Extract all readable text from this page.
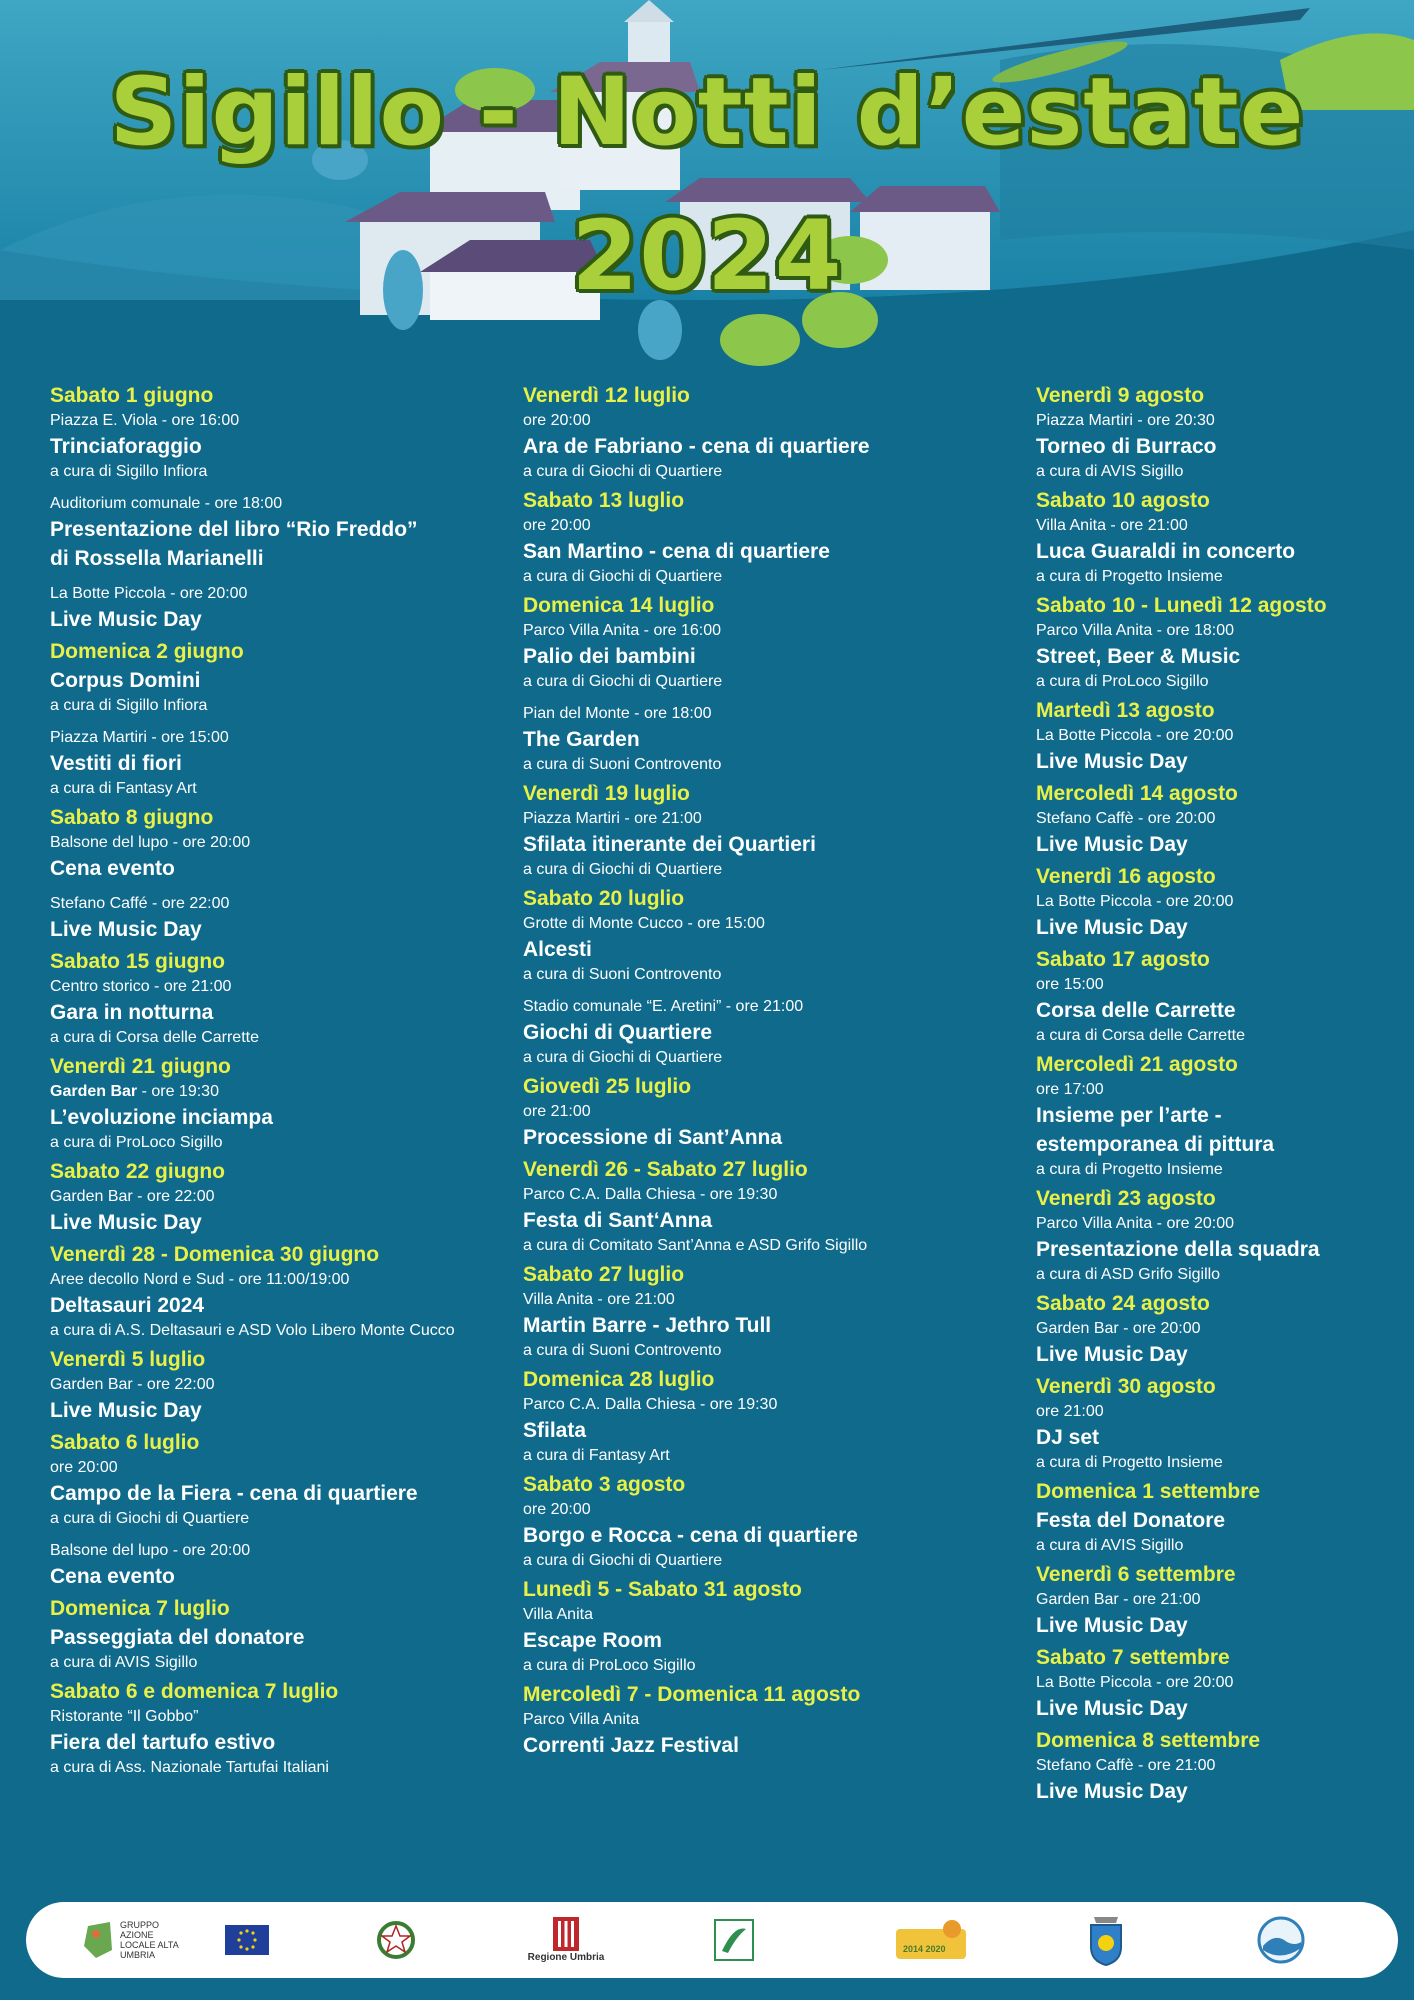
Sigillo - Notti d’estate
2024
Sabato 1 giugno
Piazza E. Viola - ore 16:00
Trinciaforaggio
a cura di Sigillo Infiora
Auditorium comunale - ore 18:00
Presentazione del libro “Rio Freddo”
di Rossella Marianelli
La Botte Piccola - ore 20:00
Live Music Day
Domenica 2 giugno
Corpus Domini
a cura di Sigillo Infiora
Piazza Martiri - ore 15:00
Vestiti di fiori
a cura di Fantasy Art
Sabato 8 giugno
Balsone del lupo - ore 20:00
Cena evento
Stefano Caffé - ore 22:00
Live Music Day
Sabato 15 giugno
Centro storico - ore 21:00
Gara in notturna
a cura di Corsa delle Carrette
Venerdì 21 giugno
Garden Bar - ore 19:30
L’evoluzione inciampa
a cura di ProLoco Sigillo
Sabato 22 giugno
Garden Bar - ore 22:00
Live Music Day
Venerdì 28 - Domenica 30 giugno
Aree decollo Nord e Sud - ore 11:00/19:00
Deltasauri 2024
a cura di A.S. Deltasauri e ASD Volo Libero Monte Cucco
Venerdì 5 luglio
Garden Bar - ore 22:00
Live Music Day
Sabato 6 luglio
ore 20:00
Campo de la Fiera - cena di quartiere
a cura di Giochi di Quartiere
Balsone del lupo - ore 20:00
Cena evento
Domenica 7 luglio
Passeggiata del donatore
a cura di AVIS Sigillo
Sabato 6 e domenica 7 luglio
Ristorante “Il Gobbo”
Fiera del tartufo estivo
a cura di Ass. Nazionale Tartufai Italiani
Venerdì 12 luglio
ore 20:00
Ara de Fabriano - cena di quartiere
a cura di Giochi di Quartiere
Sabato 13 luglio
ore 20:00
San Martino - cena di quartiere
a cura di Giochi di Quartiere
Domenica 14 luglio
Parco Villa Anita - ore 16:00
Palio dei bambini
a cura di Giochi di Quartiere
Pian del Monte - ore 18:00
The Garden
a cura di Suoni Controvento
Venerdì 19 luglio
Piazza Martiri - ore 21:00
Sfilata itinerante dei Quartieri
a cura di Giochi di Quartiere
Sabato 20 luglio
Grotte di Monte Cucco - ore 15:00
Alcesti
a cura di Suoni Controvento
Stadio comunale “E. Aretini” - ore 21:00
Giochi di Quartiere
a cura di Giochi di Quartiere
Giovedì 25 luglio
ore 21:00
Processione di Sant’Anna
Venerdì 26 - Sabato 27 luglio
Parco C.A. Dalla Chiesa - ore 19:30
Festa di Sant‘Anna
a cura di Comitato Sant’Anna e ASD Grifo Sigillo
Sabato 27 luglio
Villa Anita - ore 21:00
Martin Barre - Jethro Tull
a cura di Suoni Controvento
Domenica 28 luglio
Parco C.A. Dalla Chiesa - ore 19:30
Sfilata
a cura di Fantasy Art
Sabato 3 agosto
ore 20:00
Borgo e Rocca - cena di quartiere
a cura di Giochi di Quartiere
Lunedì 5 - Sabato 31 agosto
Villa Anita
Escape Room
a cura di ProLoco Sigillo
Mercoledì 7 - Domenica 11 agosto
Parco Villa Anita
Correnti Jazz Festival
Venerdì 9 agosto
Piazza Martiri - ore 20:30
Torneo di Burraco
a cura di AVIS Sigillo
Sabato 10 agosto
Villa Anita - ore 21:00
Luca Guaraldi in concerto
a cura di Progetto Insieme
Sabato 10 - Lunedì 12 agosto
Parco Villa Anita - ore 18:00
Street, Beer & Music
a cura di ProLoco Sigillo
Martedì 13 agosto
La Botte Piccola - ore 20:00
Live Music Day
Mercoledì 14 agosto
Stefano Caffè - ore 20:00
Live Music Day
Venerdì 16 agosto
La Botte Piccola - ore 20:00
Live Music Day
Sabato 17 agosto
ore 15:00
Corsa delle Carrette
a cura di Corsa delle Carrette
Mercoledì 21 agosto
ore 17:00
Insieme per l’arte -
estemporanea di pittura
a cura di Progetto Insieme
Venerdì 23 agosto
Parco Villa Anita - ore 20:00
Presentazione della squadra
a cura di ASD Grifo Sigillo
Sabato 24 agosto
Garden Bar - ore 20:00
Live Music Day
Venerdì 30 agosto
ore 21:00
DJ set
a cura di Progetto Insieme
Domenica 1 settembre
Festa del Donatore
a cura di AVIS Sigillo
Venerdì 6 settembre
Garden Bar - ore 21:00
Live Music Day
Sabato 7 settembre
La Botte Piccola - ore 20:00
Live Music Day
Domenica 8 settembre
Stefano Caffè - ore 21:00
Live Music Day
GRUPPO AZIONE LOCALE ALTA UMBRIA	Regione Umbria
2014 2020
